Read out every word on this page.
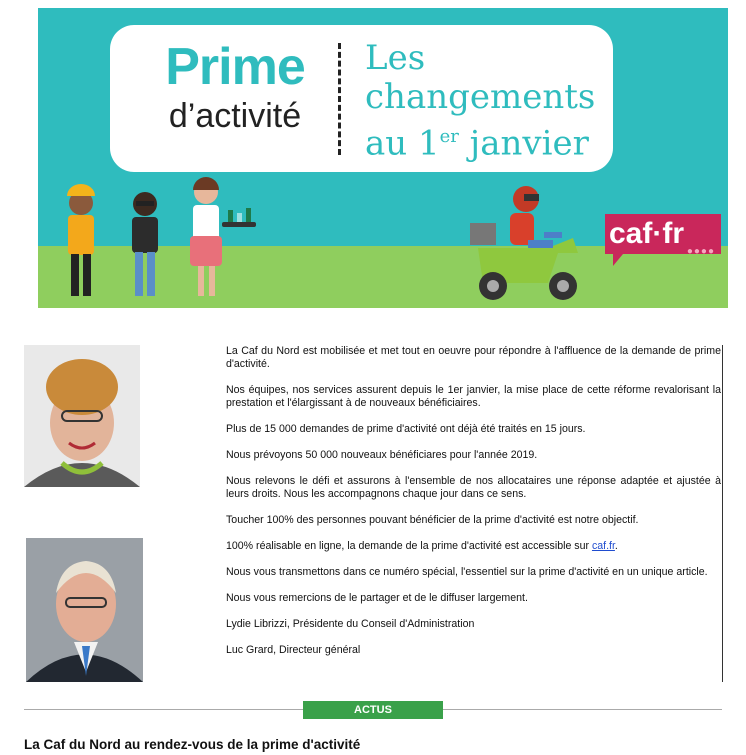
Prime
d’activité
Les
changements
au 1er janvier
caf·fr
●●●●

La Caf du Nord est mobilisée et met tout en oeuvre pour répondre à l'affluence de la demande de prime d'activité.

Nos équipes, nos services assurent depuis le 1er janvier, la mise place de cette réforme revalorisant la prestation et l'élargissant à de nouveaux bénéficiaires.

Plus de 15 000 demandes de prime d'activité ont déjà été traités en 15 jours.

Nous prévoyons 50 000 nouveaux bénéficiares pour l'année 2019.

Nous relevons le défi et assurons à l'ensemble de nos allocataires une réponse adaptée et ajustée à leurs droits. Nous les accompagnons chaque jour dans ce sens.

Toucher 100% des personnes pouvant bénéficier de la prime d'activité est notre objectif.

100% réalisable en ligne, la demande de la prime d'activité est accessible sur caf.fr.

Nous vous transmettons dans ce numéro spécial, l'essentiel sur la prime d'activité en un unique article.

Nous vous remercions de le partager et de le diffuser largement.

Lydie Librizzi, Présidente du Conseil d'Administration

Luc Grard, Directeur général

ACTUS
La Caf du Nord au rendez-vous de la prime d'activité
